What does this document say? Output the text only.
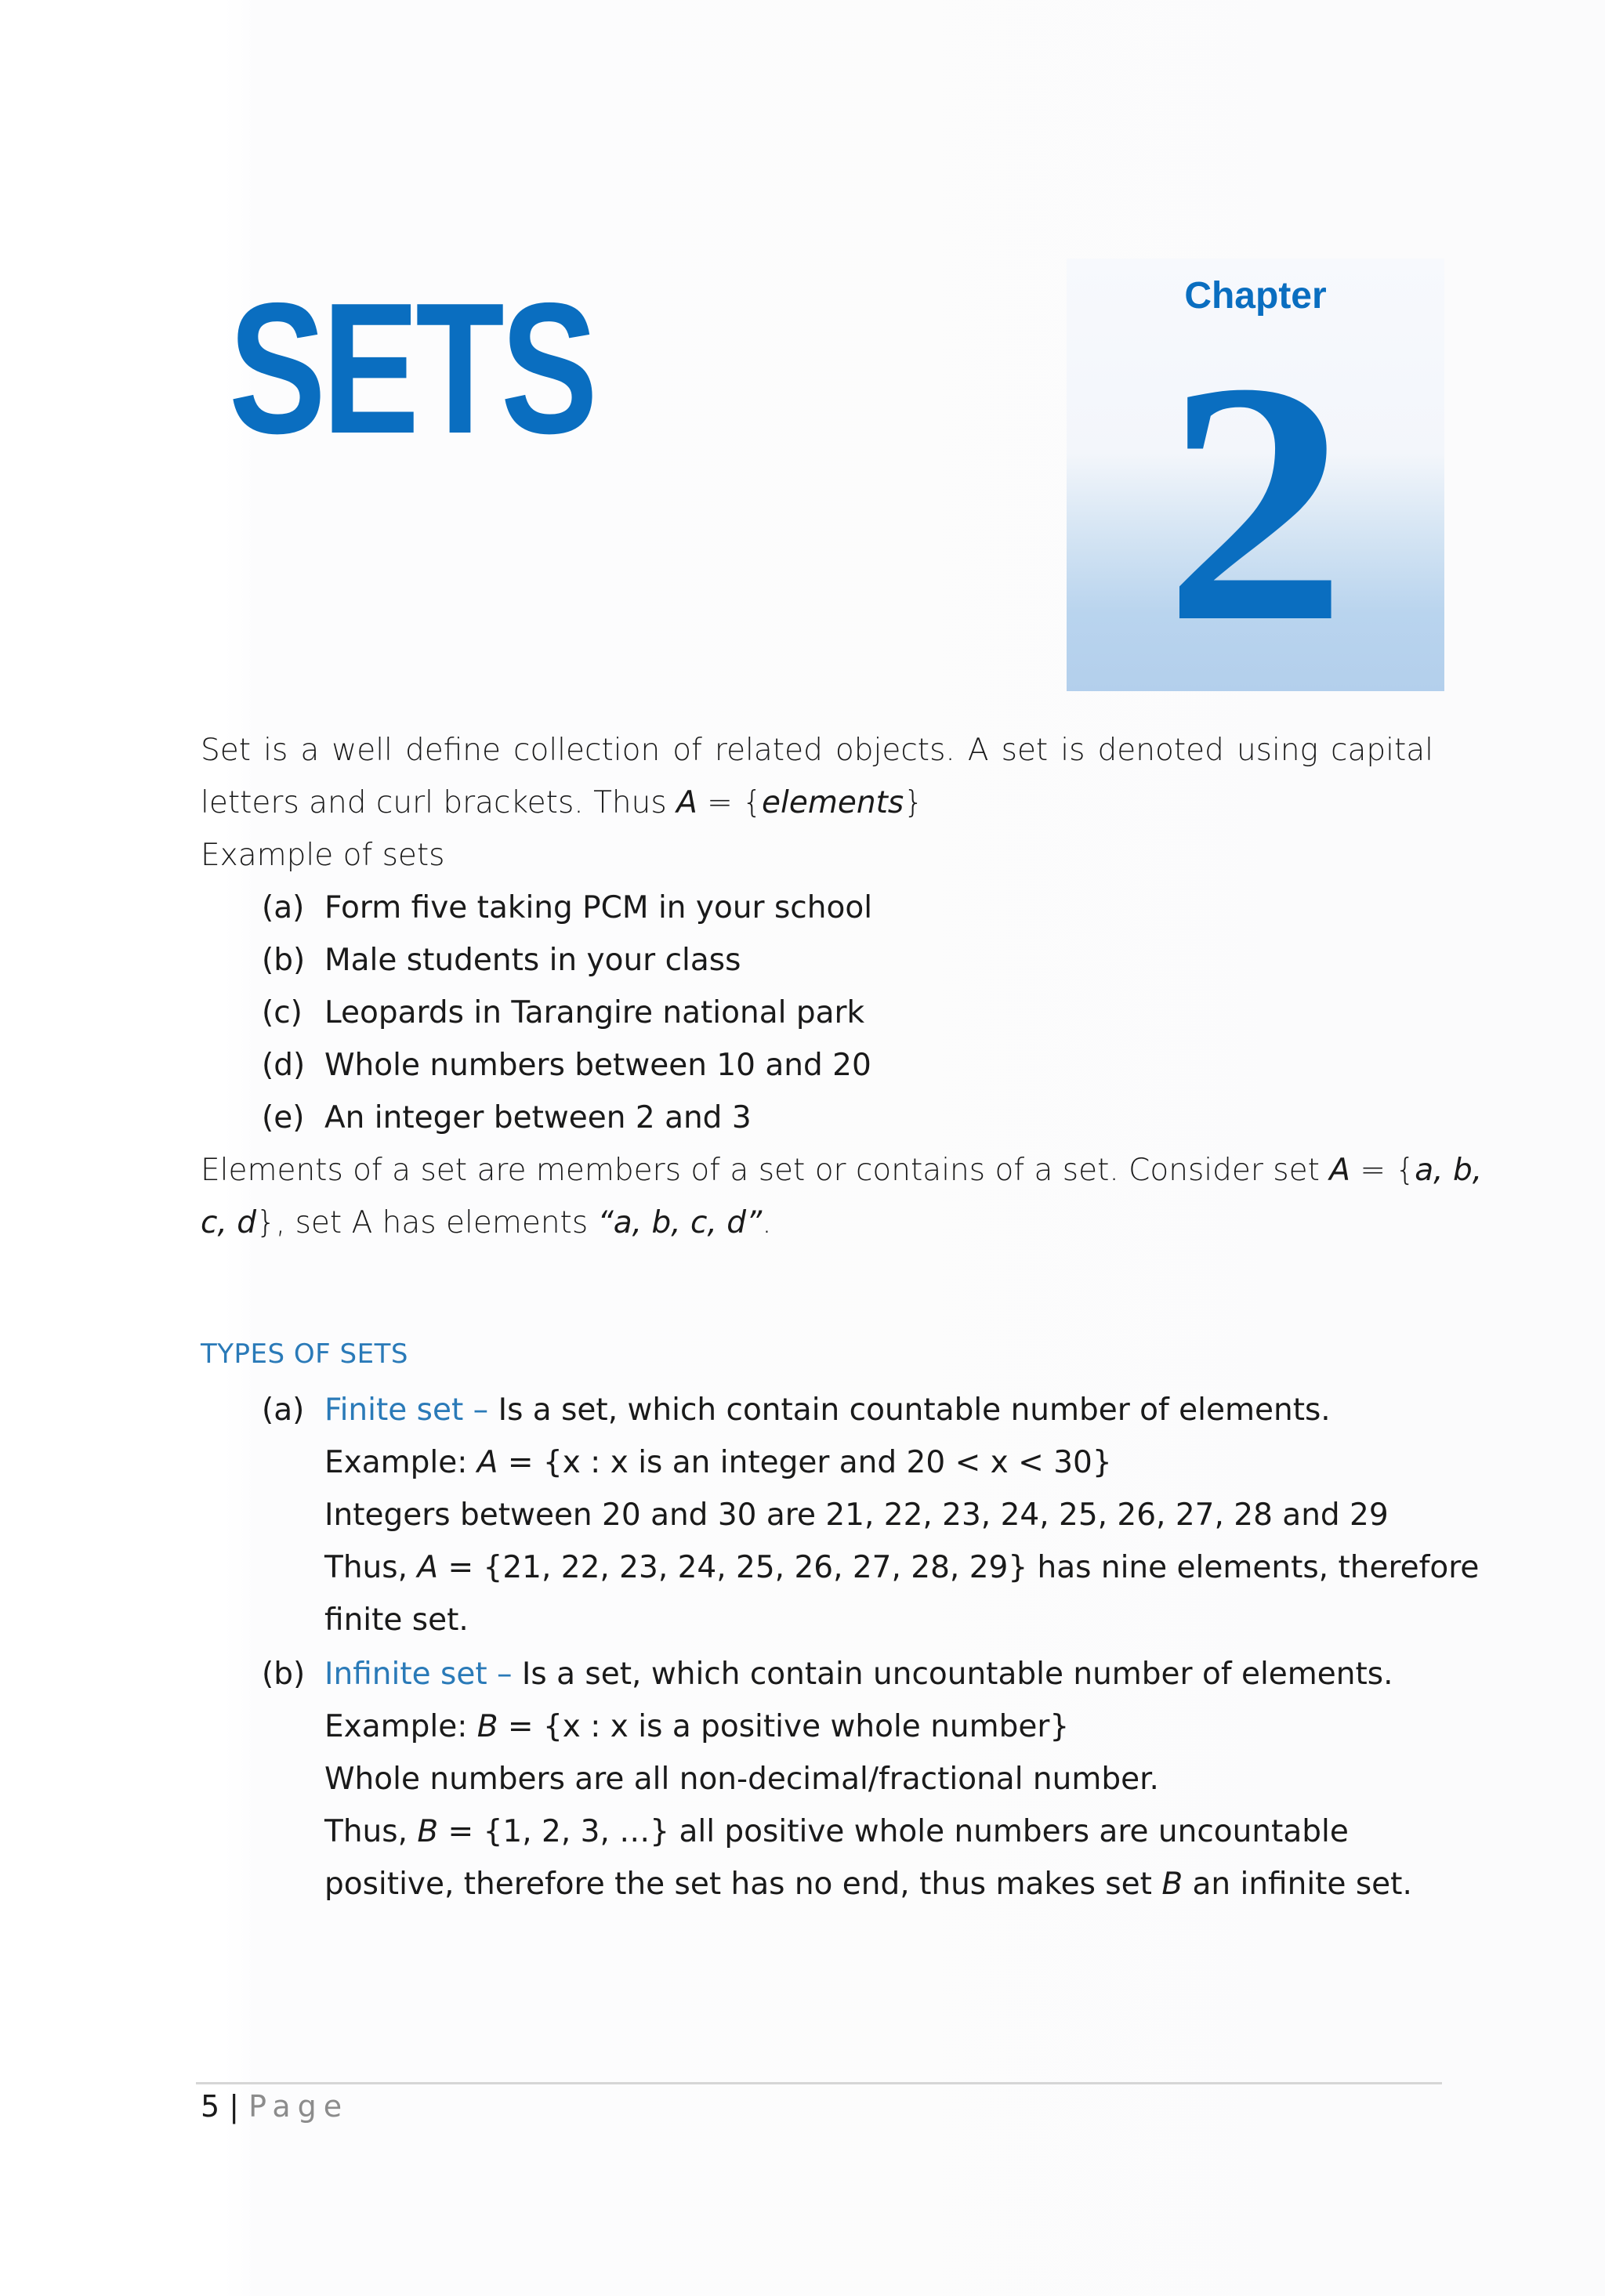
SETS	Chapter
2
Set is a well define collection of related objects. A set is denoted using capital
letters and curl brackets. Thus A = {elements}
Example of sets
(a) Form five taking PCM in your school
(b) Male students in your class
(c) Leopards in Tarangire national park
(d) Whole numbers between 10 and 20
(e) An integer between 2 and 3
Elements of a set are members of a set or contains of a set. Consider set A = {a, b,
c, d}, set A has elements “a, b, c, d”.
TYPES OF SETS
(a) Finite set – Is a set, which contain countable number of elements.
Example: A = {x : x is an integer and 20 < x < 30}
Integers between 20 and 30 are 21, 22, 23, 24, 25, 26, 27, 28 and 29
Thus, A = {21, 22, 23, 24, 25, 26, 27, 28, 29} has nine elements, therefore
finite set.
(b) Infinite set – Is a set, which contain uncountable number of elements.
Example: B = {x : x is a positive whole number}
Whole numbers are all non-decimal/fractional number.
Thus, B = {1, 2, 3, …} all positive whole numbers are uncountable
positive, therefore the set has no end, thus makes set B an infinite set.
5 | Page
